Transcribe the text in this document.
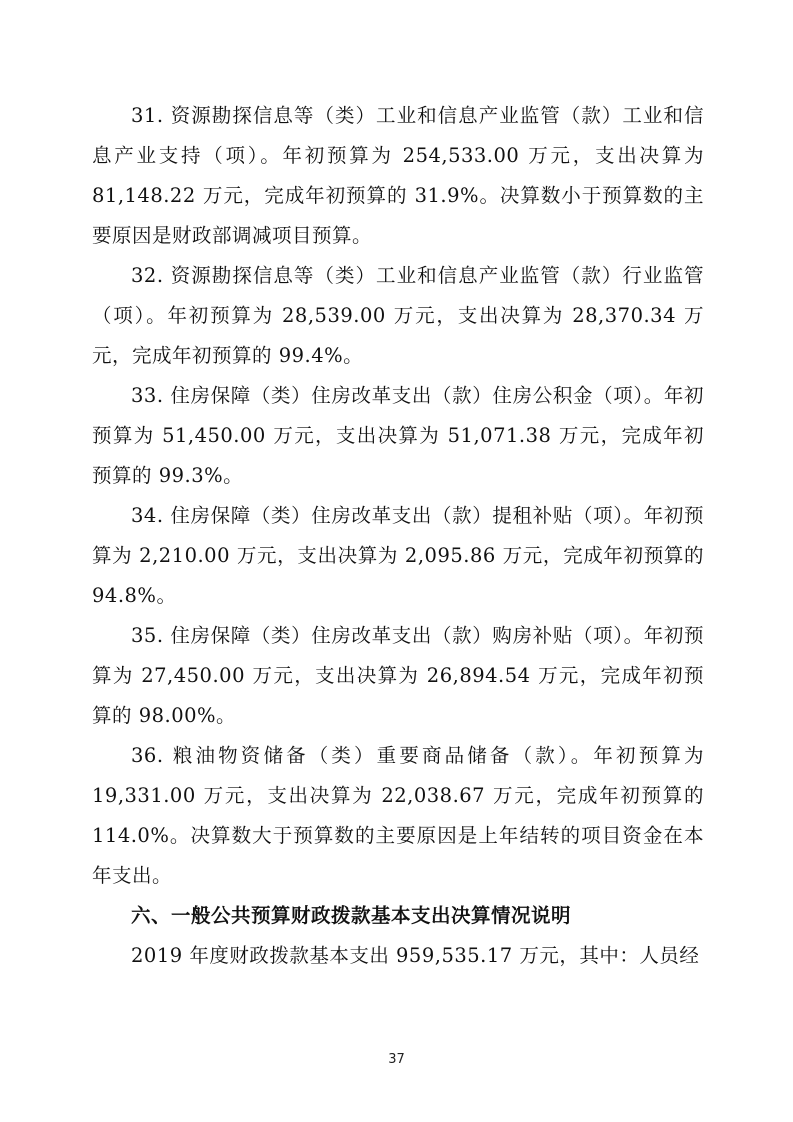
31. 资源勘探信息等（类）工业和信息产业监管（款）工业和信息产业支持（项）。年初预算为 254,533.00 万元，支出决算为 81,148.22 万元，完成年初预算的 31.9%。决算数小于预算数的主要原因是财政部调减项目预算。

32. 资源勘探信息等（类）工业和信息产业监管（款）行业监管（项）。年初预算为 28,539.00 万元，支出决算为 28,370.34 万元，完成年初预算的 99.4%。

33. 住房保障（类）住房改革支出（款）住房公积金（项）。年初预算为 51,450.00 万元，支出决算为 51,071.38 万元，完成年初预算的 99.3%。

34. 住房保障（类）住房改革支出（款）提租补贴（项）。年初预算为 2,210.00 万元，支出决算为 2,095.86 万元，完成年初预算的 94.8%。

35. 住房保障（类）住房改革支出（款）购房补贴（项）。年初预算为 27,450.00 万元，支出决算为 26,894.54 万元，完成年初预算的 98.00%。

36. 粮油物资储备（类）重要商品储备（款）。年初预算为 19,331.00 万元，支出决算为 22,038.67 万元，完成年初预算的 114.0%。决算数大于预算数的主要原因是上年结转的项目资金在本年支出。

六、一般公共预算财政拨款基本支出决算情况说明

2019 年度财政拨款基本支出 959,535.17 万元，其中：人员经

37
